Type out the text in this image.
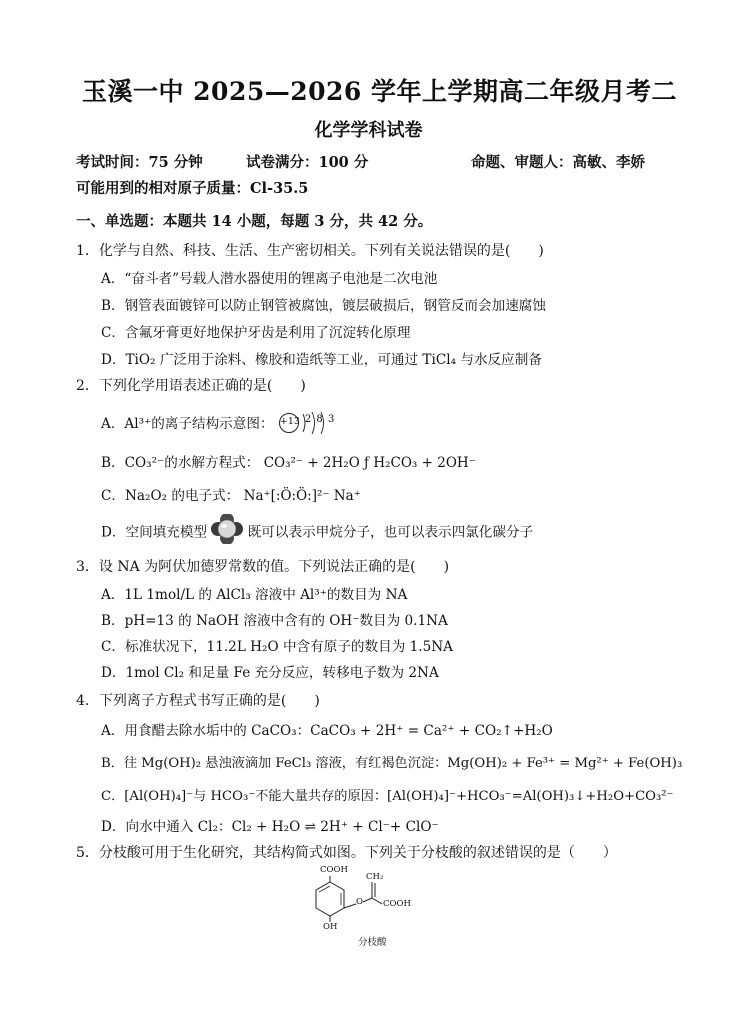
玉溪一中 2025—2026 学年上学期高二年级月考二
化学学科试卷
考试时间：75 分钟	试卷满分：100 分	命题、审题人：高敏、李娇
可能用到的相对原子质量：Cl-35.5
一、单选题：本题共 14 小题，每题 3 分，共 42 分。
1．化学与自然、科技、生活、生产密切相关。下列有关说法错误的是(　　)
A．“奋斗者”号载人潜水器使用的锂离子电池是二次电池
B．钢管表面镀锌可以防止钢管被腐蚀，镀层破损后，钢管反而会加速腐蚀
C．含氟牙膏更好地保护牙齿是利用了沉淀转化原理
D．TiO₂ 广泛用于涂料、橡胶和造纸等工业，可通过 TiCl₄ 与水反应制备
2．下列化学用语表述正确的是(　　)
A．Al³⁺的离子结构示意图： +13 2 8 3
B．CO₃²⁻的水解方程式： CO₃²⁻ + 2H₂O ƒ H₂CO₃ + 2OH⁻
C．Na₂O₂ 的电子式： Na⁺[:Ö:Ö:]²⁻ Na⁺
D．空间填充模型	既可以表示甲烷分子，也可以表示四氯化碳分子
3．设 NA 为阿伏加德罗常数的值。下列说法正确的是(　　)
A．1L 1mol/L 的 AlCl₃ 溶液中 Al³⁺的数目为 NA
B．pH=13 的 NaOH 溶液中含有的 OH⁻数目为 0.1NA
C．标准状况下，11.2L H₂O 中含有原子的数目为 1.5NA
D．1mol Cl₂ 和足量 Fe 充分反应，转移电子数为 2NA
4．下列离子方程式书写正确的是(　　)
A．用食醋去除水垢中的 CaCO₃：CaCO₃ + 2H⁺ = Ca²⁺ + CO₂↑+H₂O
B．往 Mg(OH)₂ 悬浊液滴加 FeCl₃ 溶液，有红褐色沉淀：Mg(OH)₂ + Fe³⁺ = Mg²⁺ + Fe(OH)₃
C．[Al(OH)₄]⁻与 HCO₃⁻不能大量共存的原因：[Al(OH)₄]⁻+HCO₃⁻=Al(OH)₃↓+H₂O+CO₃²⁻
D．向水中通入 Cl₂：Cl₂ + H₂O ⇌ 2H⁺ + Cl⁻+ ClO⁻
5．分枝酸可用于生化研究，其结构简式如图。下列关于分枝酸的叙述错误的是（　　）
COOH
CH₂
O COOH
OH
分枝酸
